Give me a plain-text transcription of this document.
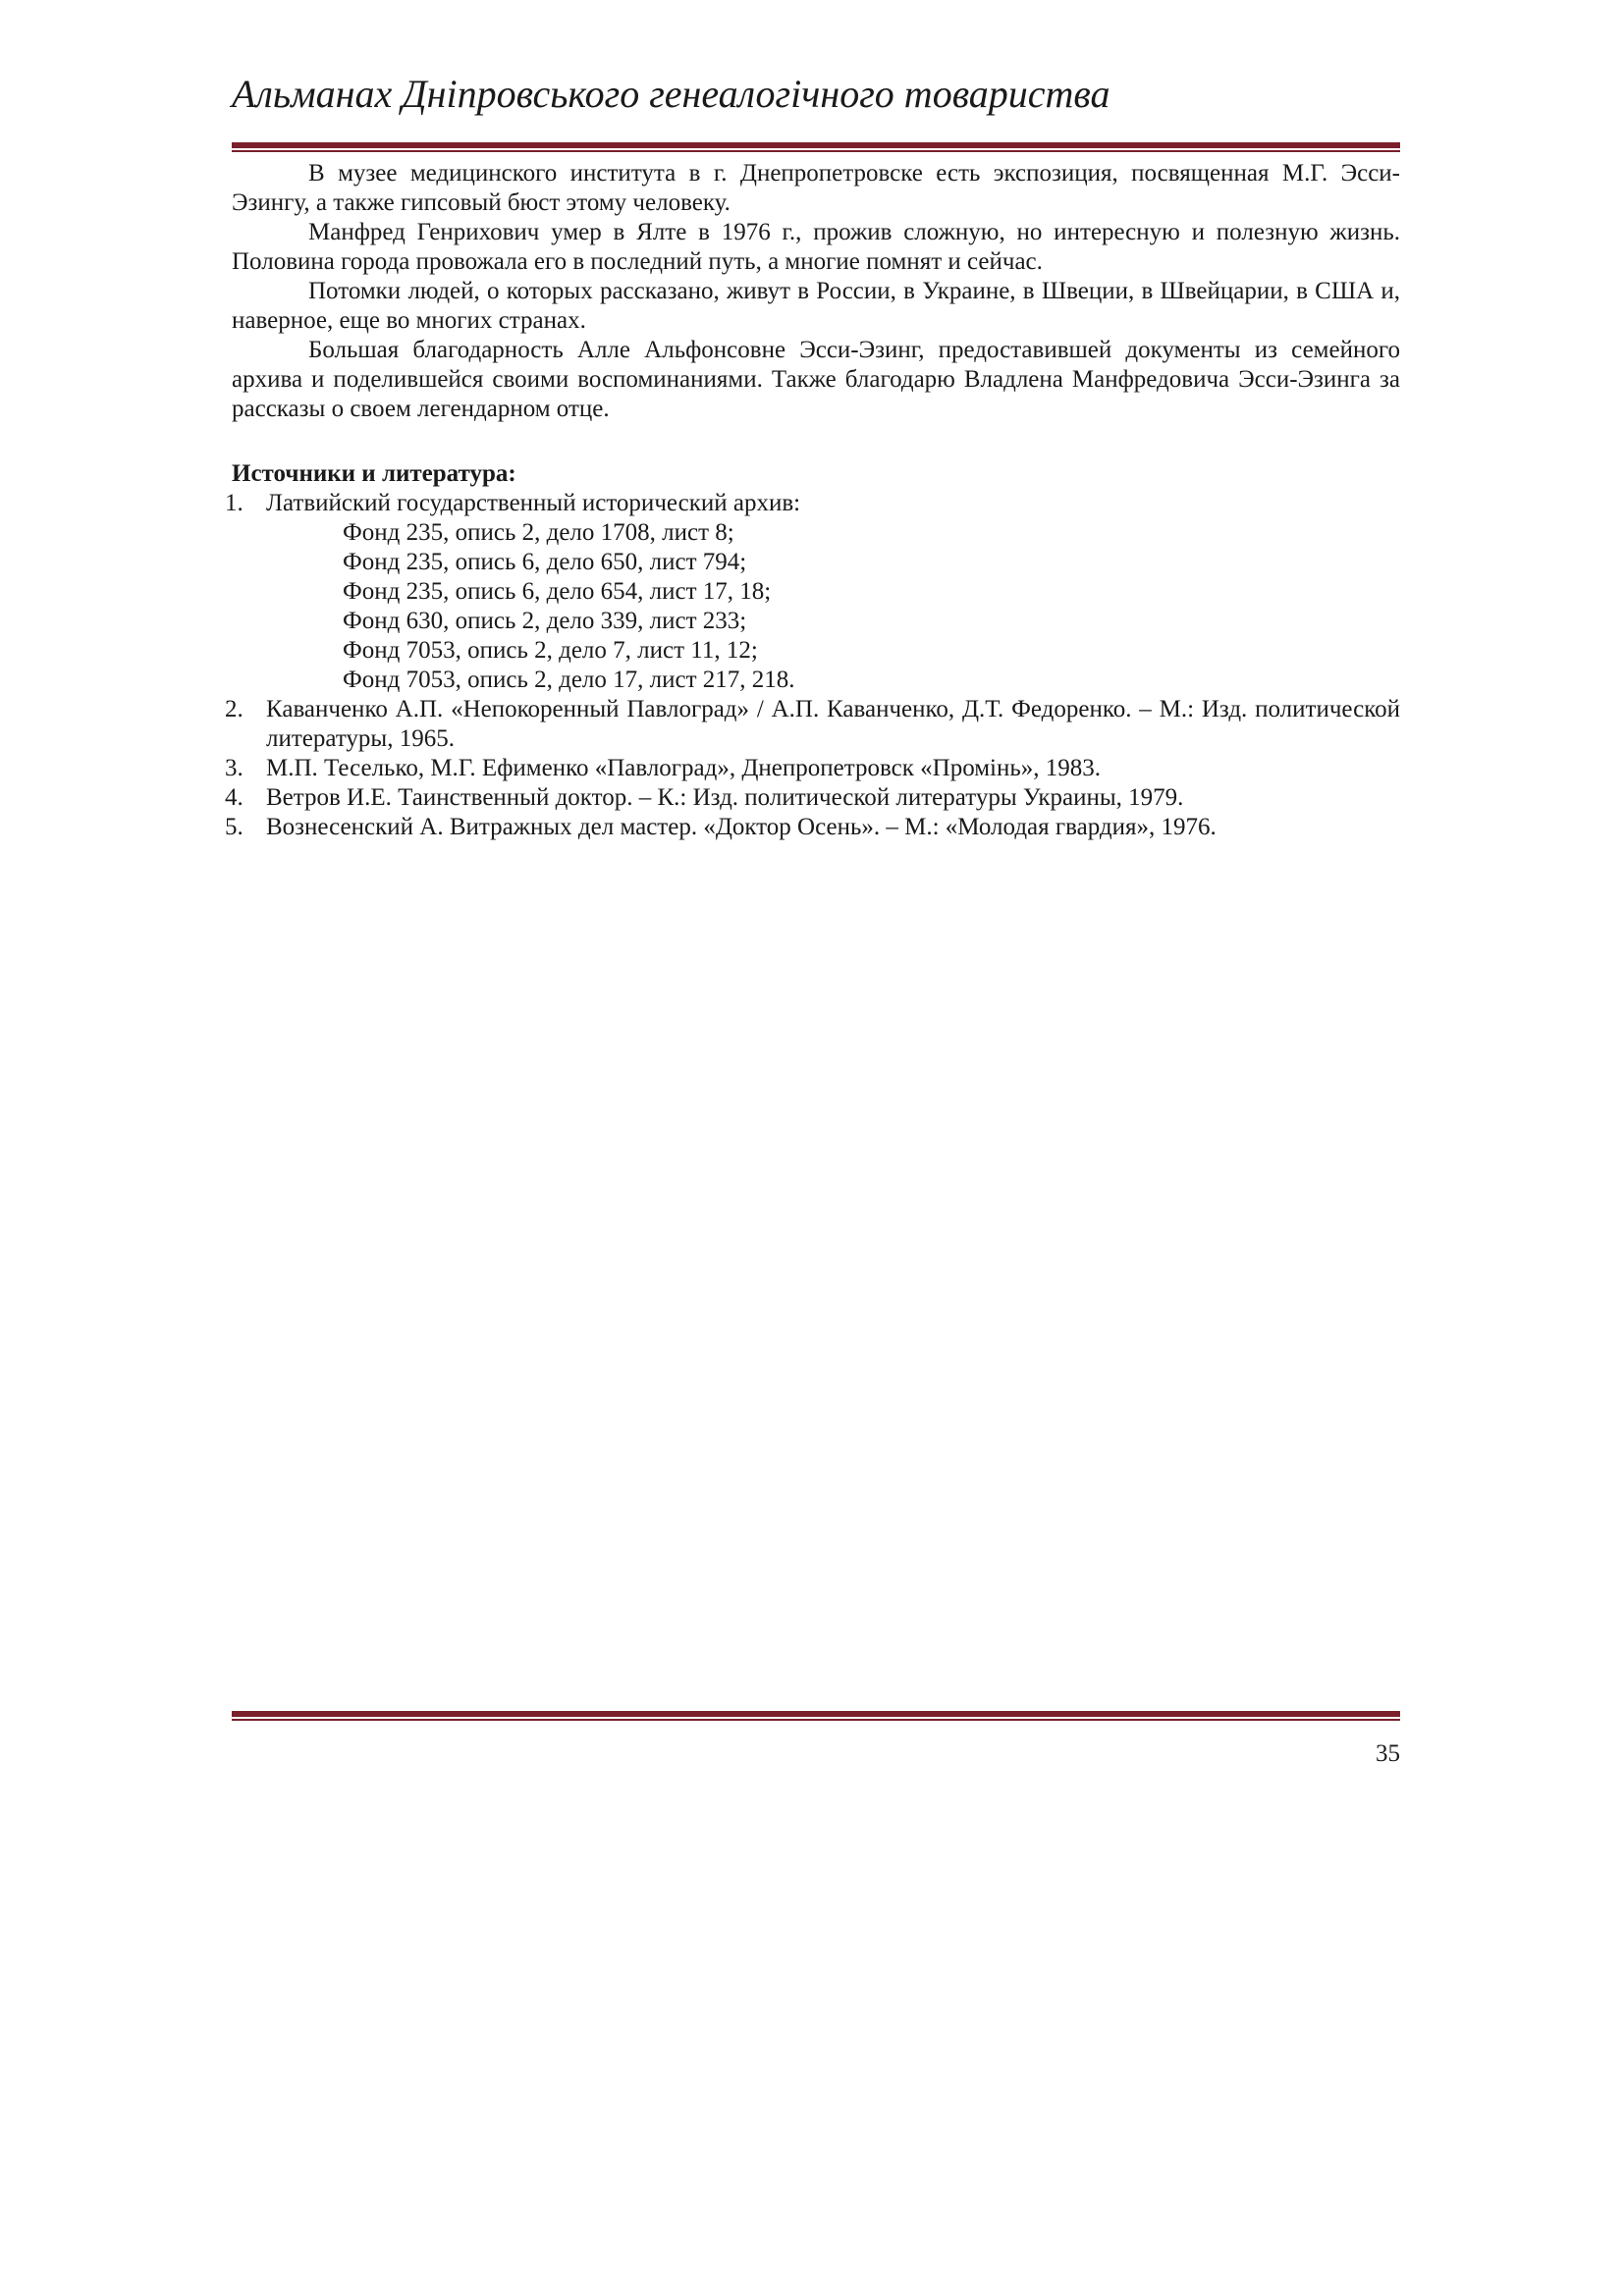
Альманах Дніпровського генеалогічного товариства

В музее медицинского института в г. Днепропетровске есть экспозиция, посвященная М.Г. Эсси-Эзингу, а также гипсовый бюст этому человеку.

Манфред Генрихович умер в Ялте в 1976 г., прожив сложную, но интересную и полезную жизнь. Половина города провожала его в последний путь, а многие помнят и сейчас.

Потомки людей, о которых рассказано, живут в России, в Украине, в Швеции, в Швейцарии, в США и, наверное, еще во многих странах.

Большая благодарность Алле Альфонсовне Эсси-Эзинг, предоставившей документы из семейного архива и поделившейся своими воспоминаниями. Также благодарю Владлена Манфредовича Эсси-Эзинга за рассказы о своем легендарном отце.

Источники и литература:
1. Латвийский государственный исторический архив:
Фонд 235, опись 2, дело 1708, лист 8;
Фонд 235, опись 6, дело 650, лист 794;
Фонд 235, опись 6, дело 654, лист 17, 18;
Фонд 630, опись 2, дело 339, лист 233;
Фонд 7053, опись 2, дело 7, лист 11, 12;
Фонд 7053, опись 2, дело 17, лист 217, 218.
2. Каванченко А.П. «Непокоренный Павлоград» / А.П. Каванченко, Д.Т. Федоренко. – М.: Изд. политической литературы, 1965.
3. М.П. Теселько, М.Г. Ефименко «Павлоград», Днепропетровск «Промінь», 1983.
4. Ветров И.Е. Таинственный доктор. – К.: Изд. политической литературы Украины, 1979.
5. Вознесенский А. Витражных дел мастер. «Доктор Осень». – М.: «Молодая гвардия», 1976.
35
